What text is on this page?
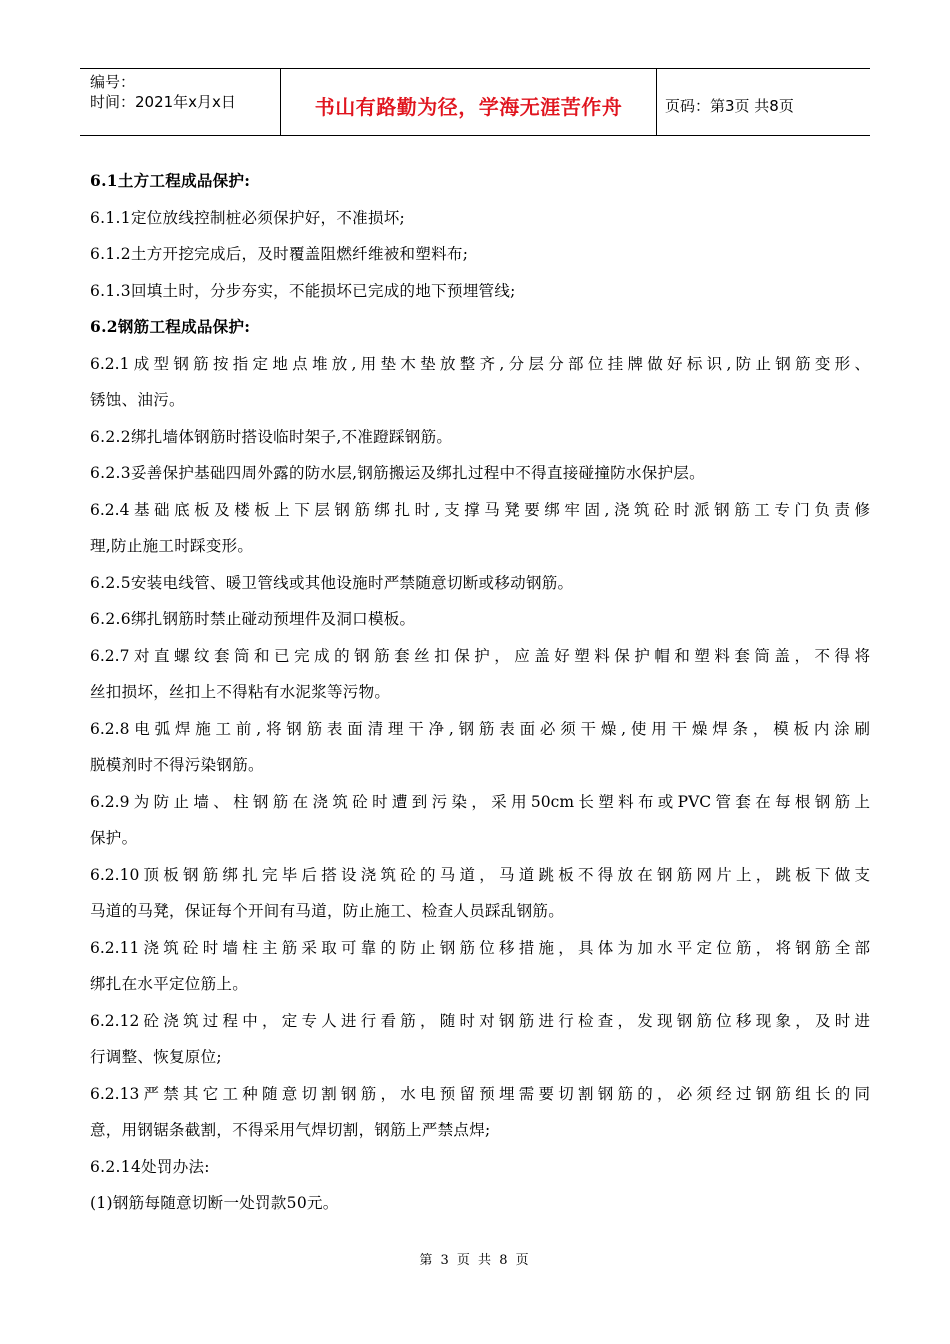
编号：
时间：2021年x月x日	书山有路勤为径，学海无涯苦作舟	页码：第3页 共8页
6.1土方工程成品保护:
6.1.1定位放线控制桩必须保护好，不准损坏;
6.1.2土方开挖完成后，及时覆盖阻燃纤维被和塑料布;
6.1.3回填土时，分步夯实，不能损坏已完成的地下预埋管线;
6.2钢筋工程成品保护:
6.2.1成型钢筋按指定地点堆放,用垫木垫放整齐,分层分部位挂牌做好标识,防止钢筋变形、
锈蚀、油污。
6.2.2绑扎墙体钢筋时搭设临时架子,不准蹬踩钢筋。
6.2.3妥善保护基础四周外露的防水层,钢筋搬运及绑扎过程中不得直接碰撞防水保护层。
6.2.4基础底板及楼板上下层钢筋绑扎时,支撑马凳要绑牢固,浇筑砼时派钢筋工专门负责修
理,防止施工时踩变形。
6.2.5安装电线管、暖卫管线或其他设施时严禁随意切断或移动钢筋。
6.2.6绑扎钢筋时禁止碰动预埋件及洞口模板。
6.2.7对直螺纹套筒和已完成的钢筋套丝扣保护，应盖好塑料保护帽和塑料套筒盖，不得将
丝扣损坏，丝扣上不得粘有水泥浆等污物。
6.2.8电弧焊施工前,将钢筋表面清理干净,钢筋表面必须干燥,使用干燥焊条，模板内涂刷
脱模剂时不得污染钢筋。
6.2.9为防止墙、柱钢筋在浇筑砼时遭到污染，采用50cm长塑料布或PVC管套在每根钢筋上
保护。
6.2.10顶板钢筋绑扎完毕后搭设浇筑砼的马道，马道跳板不得放在钢筋网片上，跳板下做支
马道的马凳，保证每个开间有马道，防止施工、检查人员踩乱钢筋。
6.2.11浇筑砼时墙柱主筋采取可靠的防止钢筋位移措施，具体为加水平定位筋，将钢筋全部
绑扎在水平定位筋上。
6.2.12砼浇筑过程中，定专人进行看筋，随时对钢筋进行检查，发现钢筋位移现象，及时进
行调整、恢复原位;
6.2.13严禁其它工种随意切割钢筋，水电预留预埋需要切割钢筋的，必须经过钢筋组长的同
意，用钢锯条截割，不得采用气焊切割，钢筋上严禁点焊;
6.2.14处罚办法:
(1)钢筋每随意切断一处罚款50元。
第 3 页 共 8 页
